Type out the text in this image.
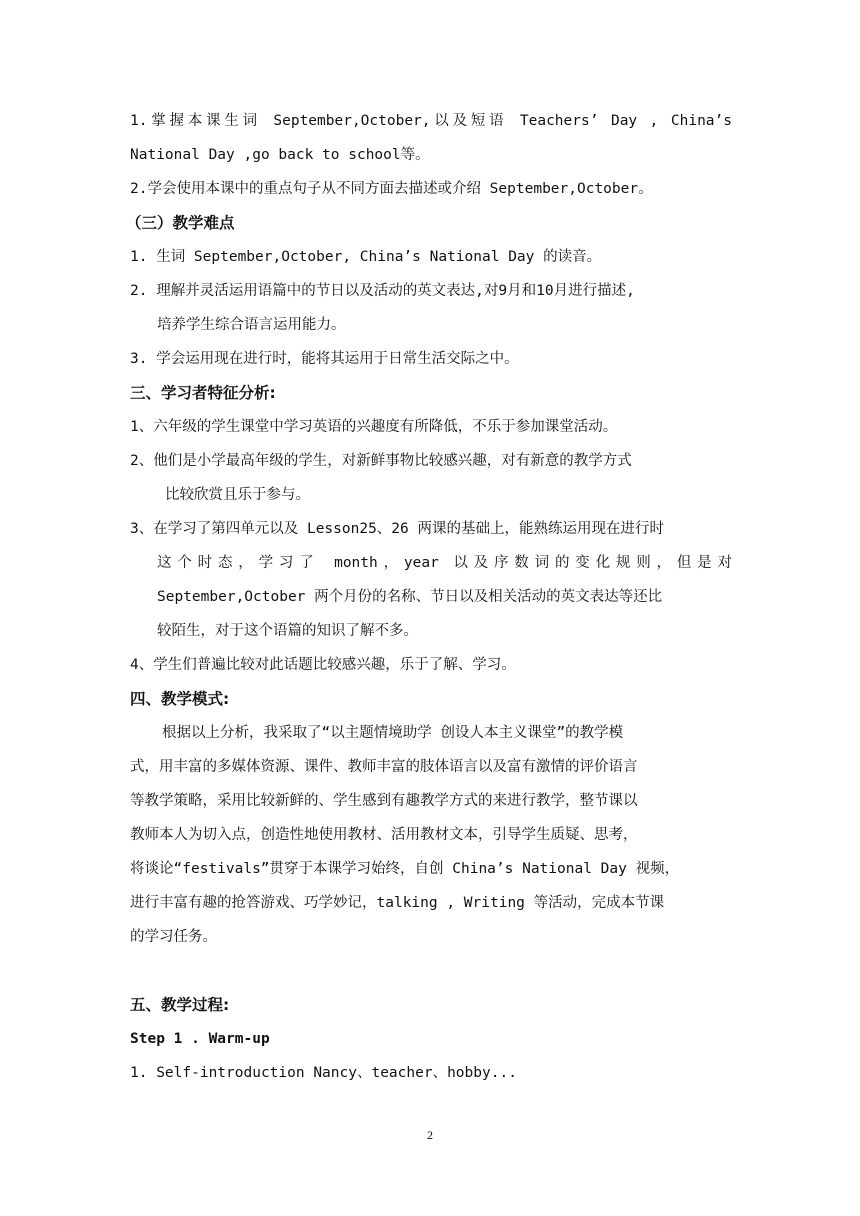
1.掌握本课生词 September,October,以及短语 Teachers’ Day , China’s
National Day ,go back to school等。
2.学会使用本课中的重点句子从不同方面去描述或介绍 September,October。
（三）教学难点
1. 生词 September,October, China’s National Day 的读音。
2. 理解并灵活运用语篇中的节日以及活动的英文表达,对9月和10月进行描述,
培养学生综合语言运用能力。
3. 学会运用现在进行时，能将其运用于日常生活交际之中。
三、学习者特征分析:
1、六年级的学生课堂中学习英语的兴趣度有所降低，不乐于参加课堂活动。
2、他们是小学最高年级的学生，对新鲜事物比较感兴趣，对有新意的教学方式
比较欣赏且乐于参与。
3、在学习了第四单元以及 Lesson25、26 两课的基础上，能熟练运用现在进行时
这个时态，学习了 month，year 以及序数词的变化规则，但是对
September,October 两个月份的名称、节日以及相关活动的英文表达等还比
较陌生，对于这个语篇的知识了解不多。
4、学生们普遍比较对此话题比较感兴趣，乐于了解、学习。
四、教学模式:
根据以上分析，我采取了“以主题情境助学 创设人本主义课堂”的教学模
式，用丰富的多媒体资源、课件、教师丰富的肢体语言以及富有激情的评价语言
等教学策略，采用比较新鲜的、学生感到有趣教学方式的来进行教学，整节课以
教师本人为切入点，创造性地使用教材、活用教材文本，引导学生质疑、思考，
将谈论“festivals”贯穿于本课学习始终，自创 China’s National Day 视频，
进行丰富有趣的抢答游戏、巧学妙记，talking , Writing 等活动，完成本节课
的学习任务。
五、教学过程:
Step 1 . Warm-up
1. Self-introduction Nancy、teacher、hobby...
2
